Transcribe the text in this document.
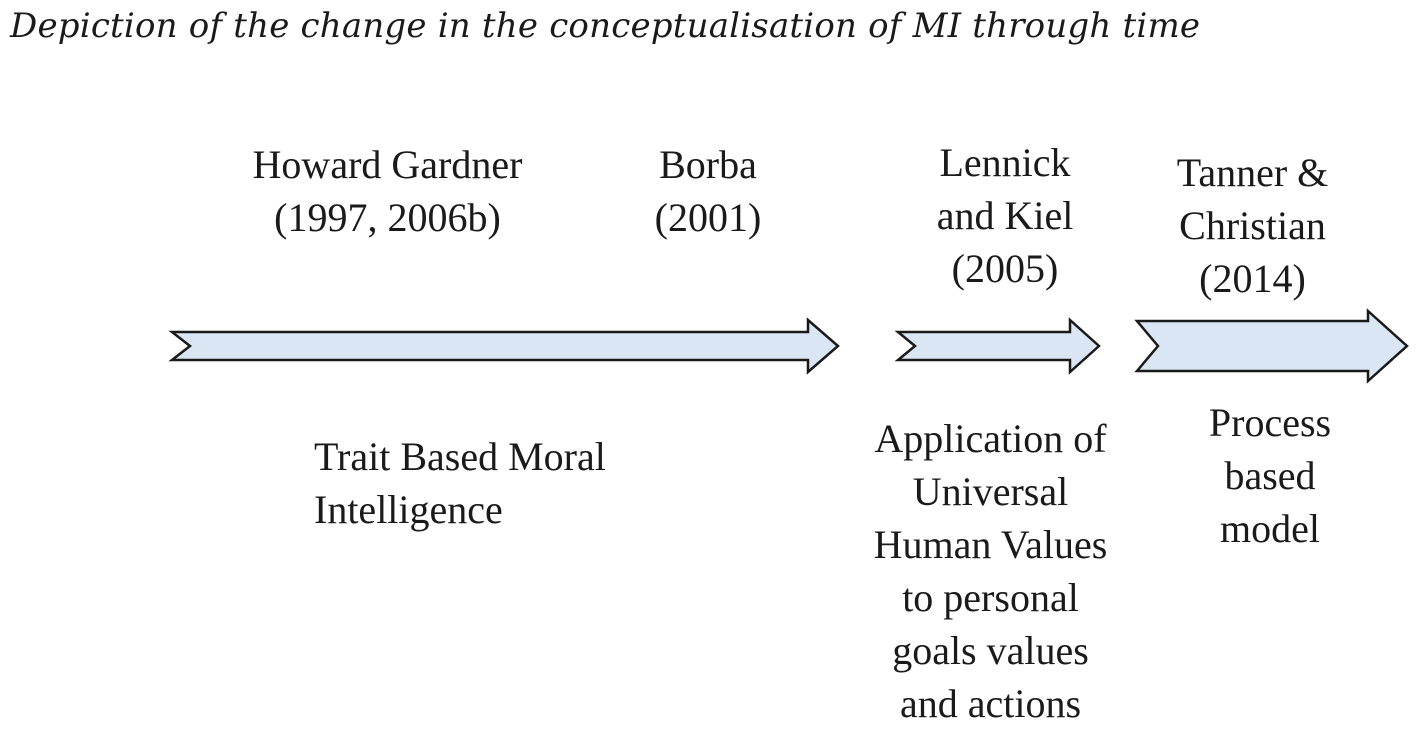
Depiction of the change in the conceptualisation of MI through time
Howard Gardner
(1997, 2006b)
Borba
(2001)
Lennick
and Kiel
(2005)
Tanner &
Christian
(2014)
Trait Based Moral
Intelligence
Application of
Universal
Human Values
to personal
goals values
and actions
Process
based
model
